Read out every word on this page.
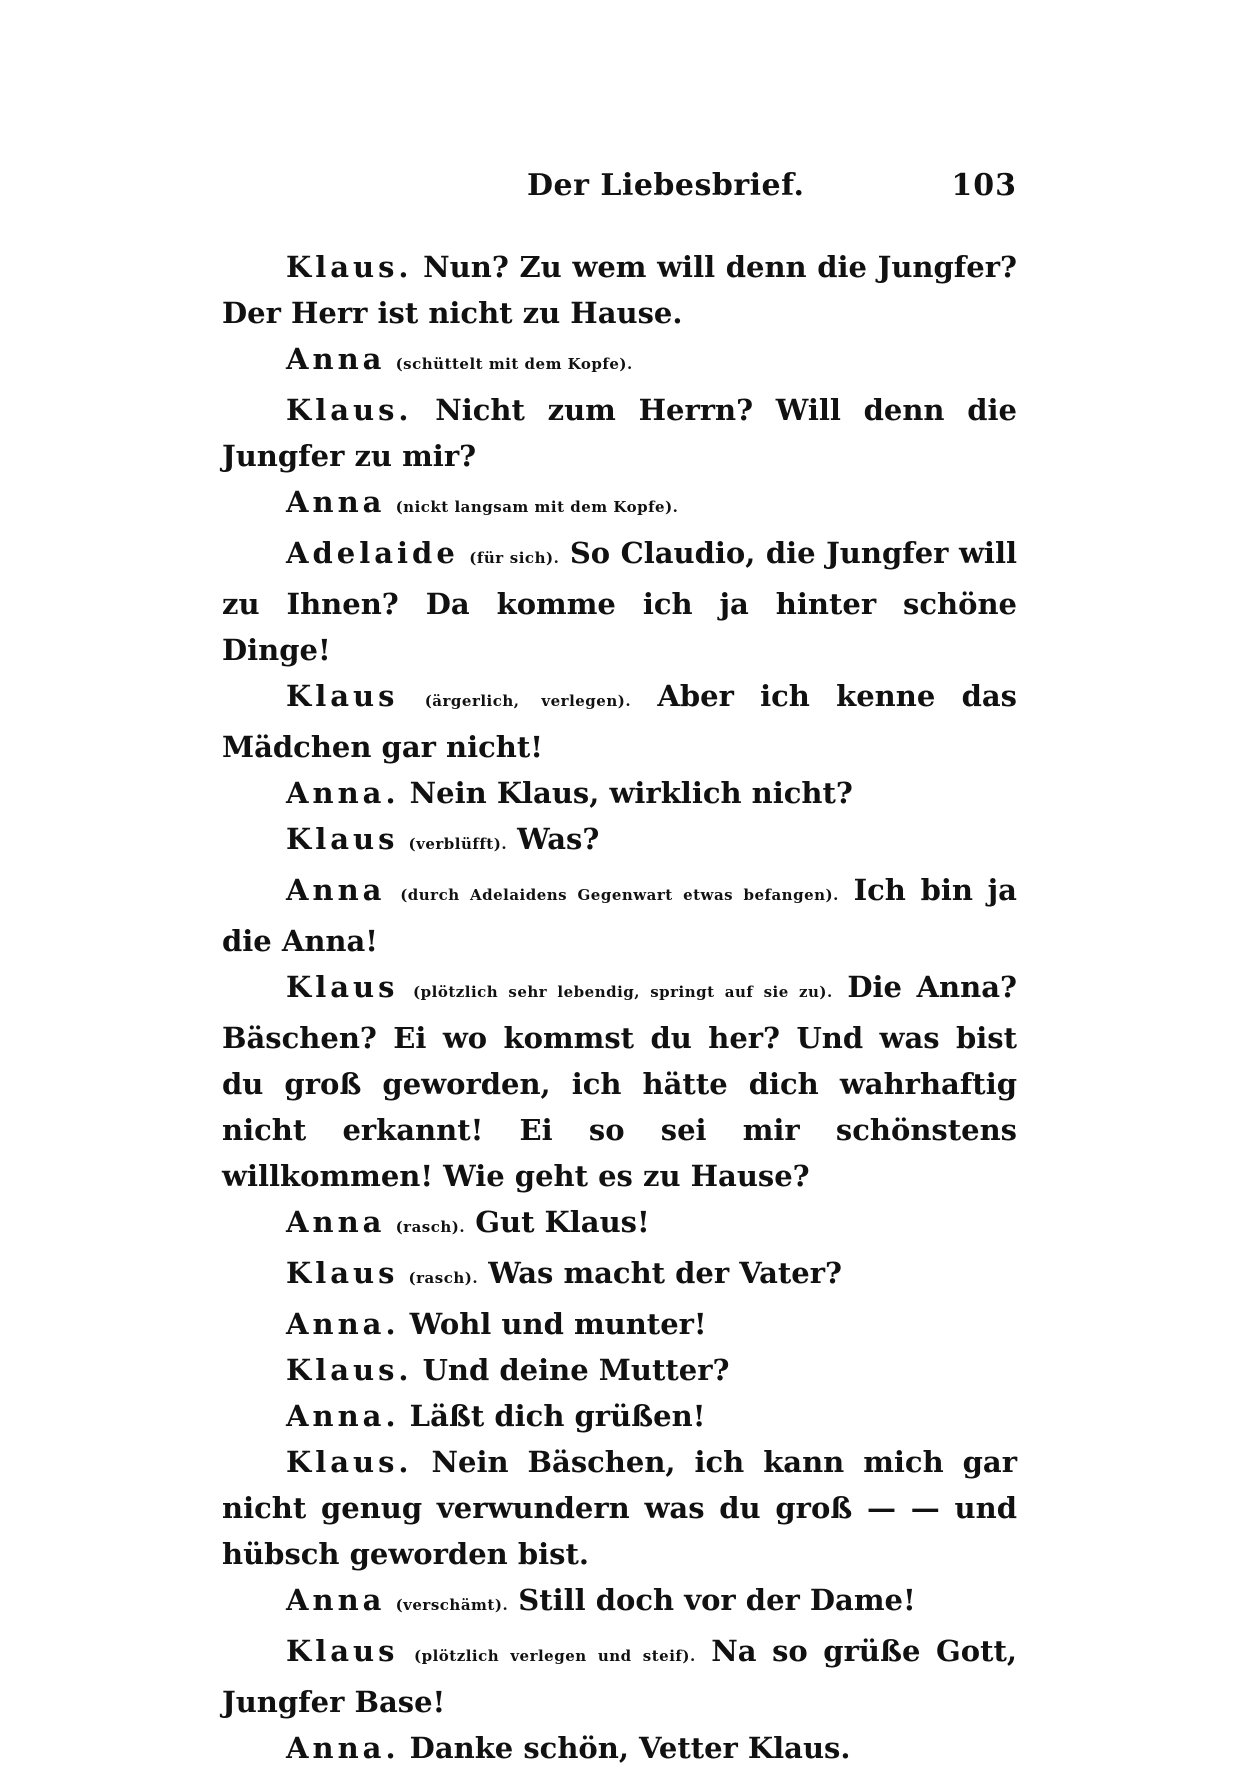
Der Liebesbrief.	103

Klaus. Nun? Zu wem will denn die Jungfer? Der Herr ist nicht zu Hause.

Anna (schüttelt mit dem Kopfe).

Klaus. Nicht zum Herrn? Will denn die Jungfer zu mir?

Anna (nickt langsam mit dem Kopfe).

Adelaide (für sich). So Claudio, die Jungfer will zu Ihnen? Da komme ich ja hinter schöne Dinge!

Klaus (ärgerlich, verlegen). Aber ich kenne das Mädchen gar nicht!

Anna. Nein Klaus, wirklich nicht?

Klaus (verblüfft). Was?

Anna (durch Adelaidens Gegenwart etwas befangen). Ich bin ja die Anna!

Klaus (plötzlich sehr lebendig, springt auf sie zu). Die Anna? Bäschen? Ei wo kommst du her? Und was bist du groß geworden, ich hätte dich wahrhaftig nicht erkannt! Ei so sei mir schönstens willkommen! Wie geht es zu Hause?

Anna (rasch). Gut Klaus!

Klaus (rasch). Was macht der Vater?

Anna. Wohl und munter!

Klaus. Und deine Mutter?

Anna. Läßt dich grüßen!

Klaus. Nein Bäschen, ich kann mich gar nicht genug verwundern was du groß — — und hübsch geworden bist.

Anna (verschämt). Still doch vor der Dame!

Klaus (plötzlich verlegen und steif). Na so grüße Gott, Jungfer Base!

Anna. Danke schön, Vetter Klaus.
